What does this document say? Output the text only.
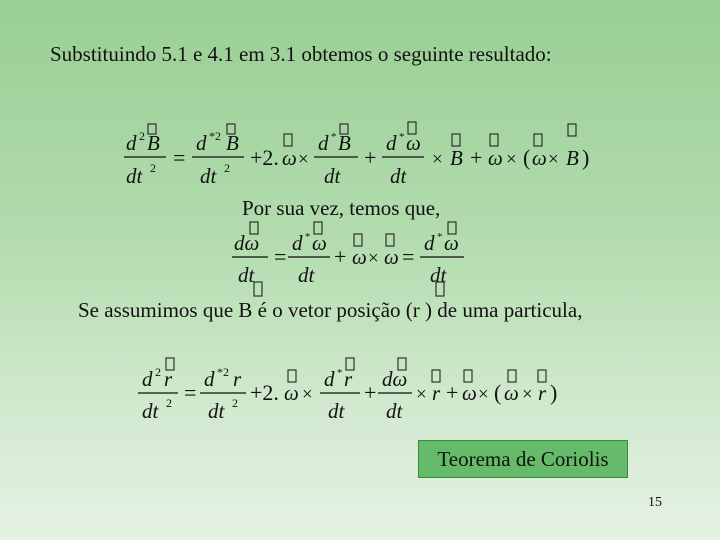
Substituindo 5.1 e 4.1 em 3.1 obtemos o seguinte resultado:
d 2 B
dt 2 =
d *2 B
dt 2 +2. ω ×
d * B
dt
+
d * ω
dt
× B + ω × ( ω × B )
Por sua vez, temos que,
dω
dt
=
d * ω
dt
+ ω × ω =
d * ω
dt
Se assumimos que B é o vetor posição (r ) de uma particula,
d 2 r
dt 2 =
d *2 r
dt 2 +2. ω ×
d * r
dt
+
dω
dt
× r + ω × ( ω × r )
Teorema de Coriolis
15
